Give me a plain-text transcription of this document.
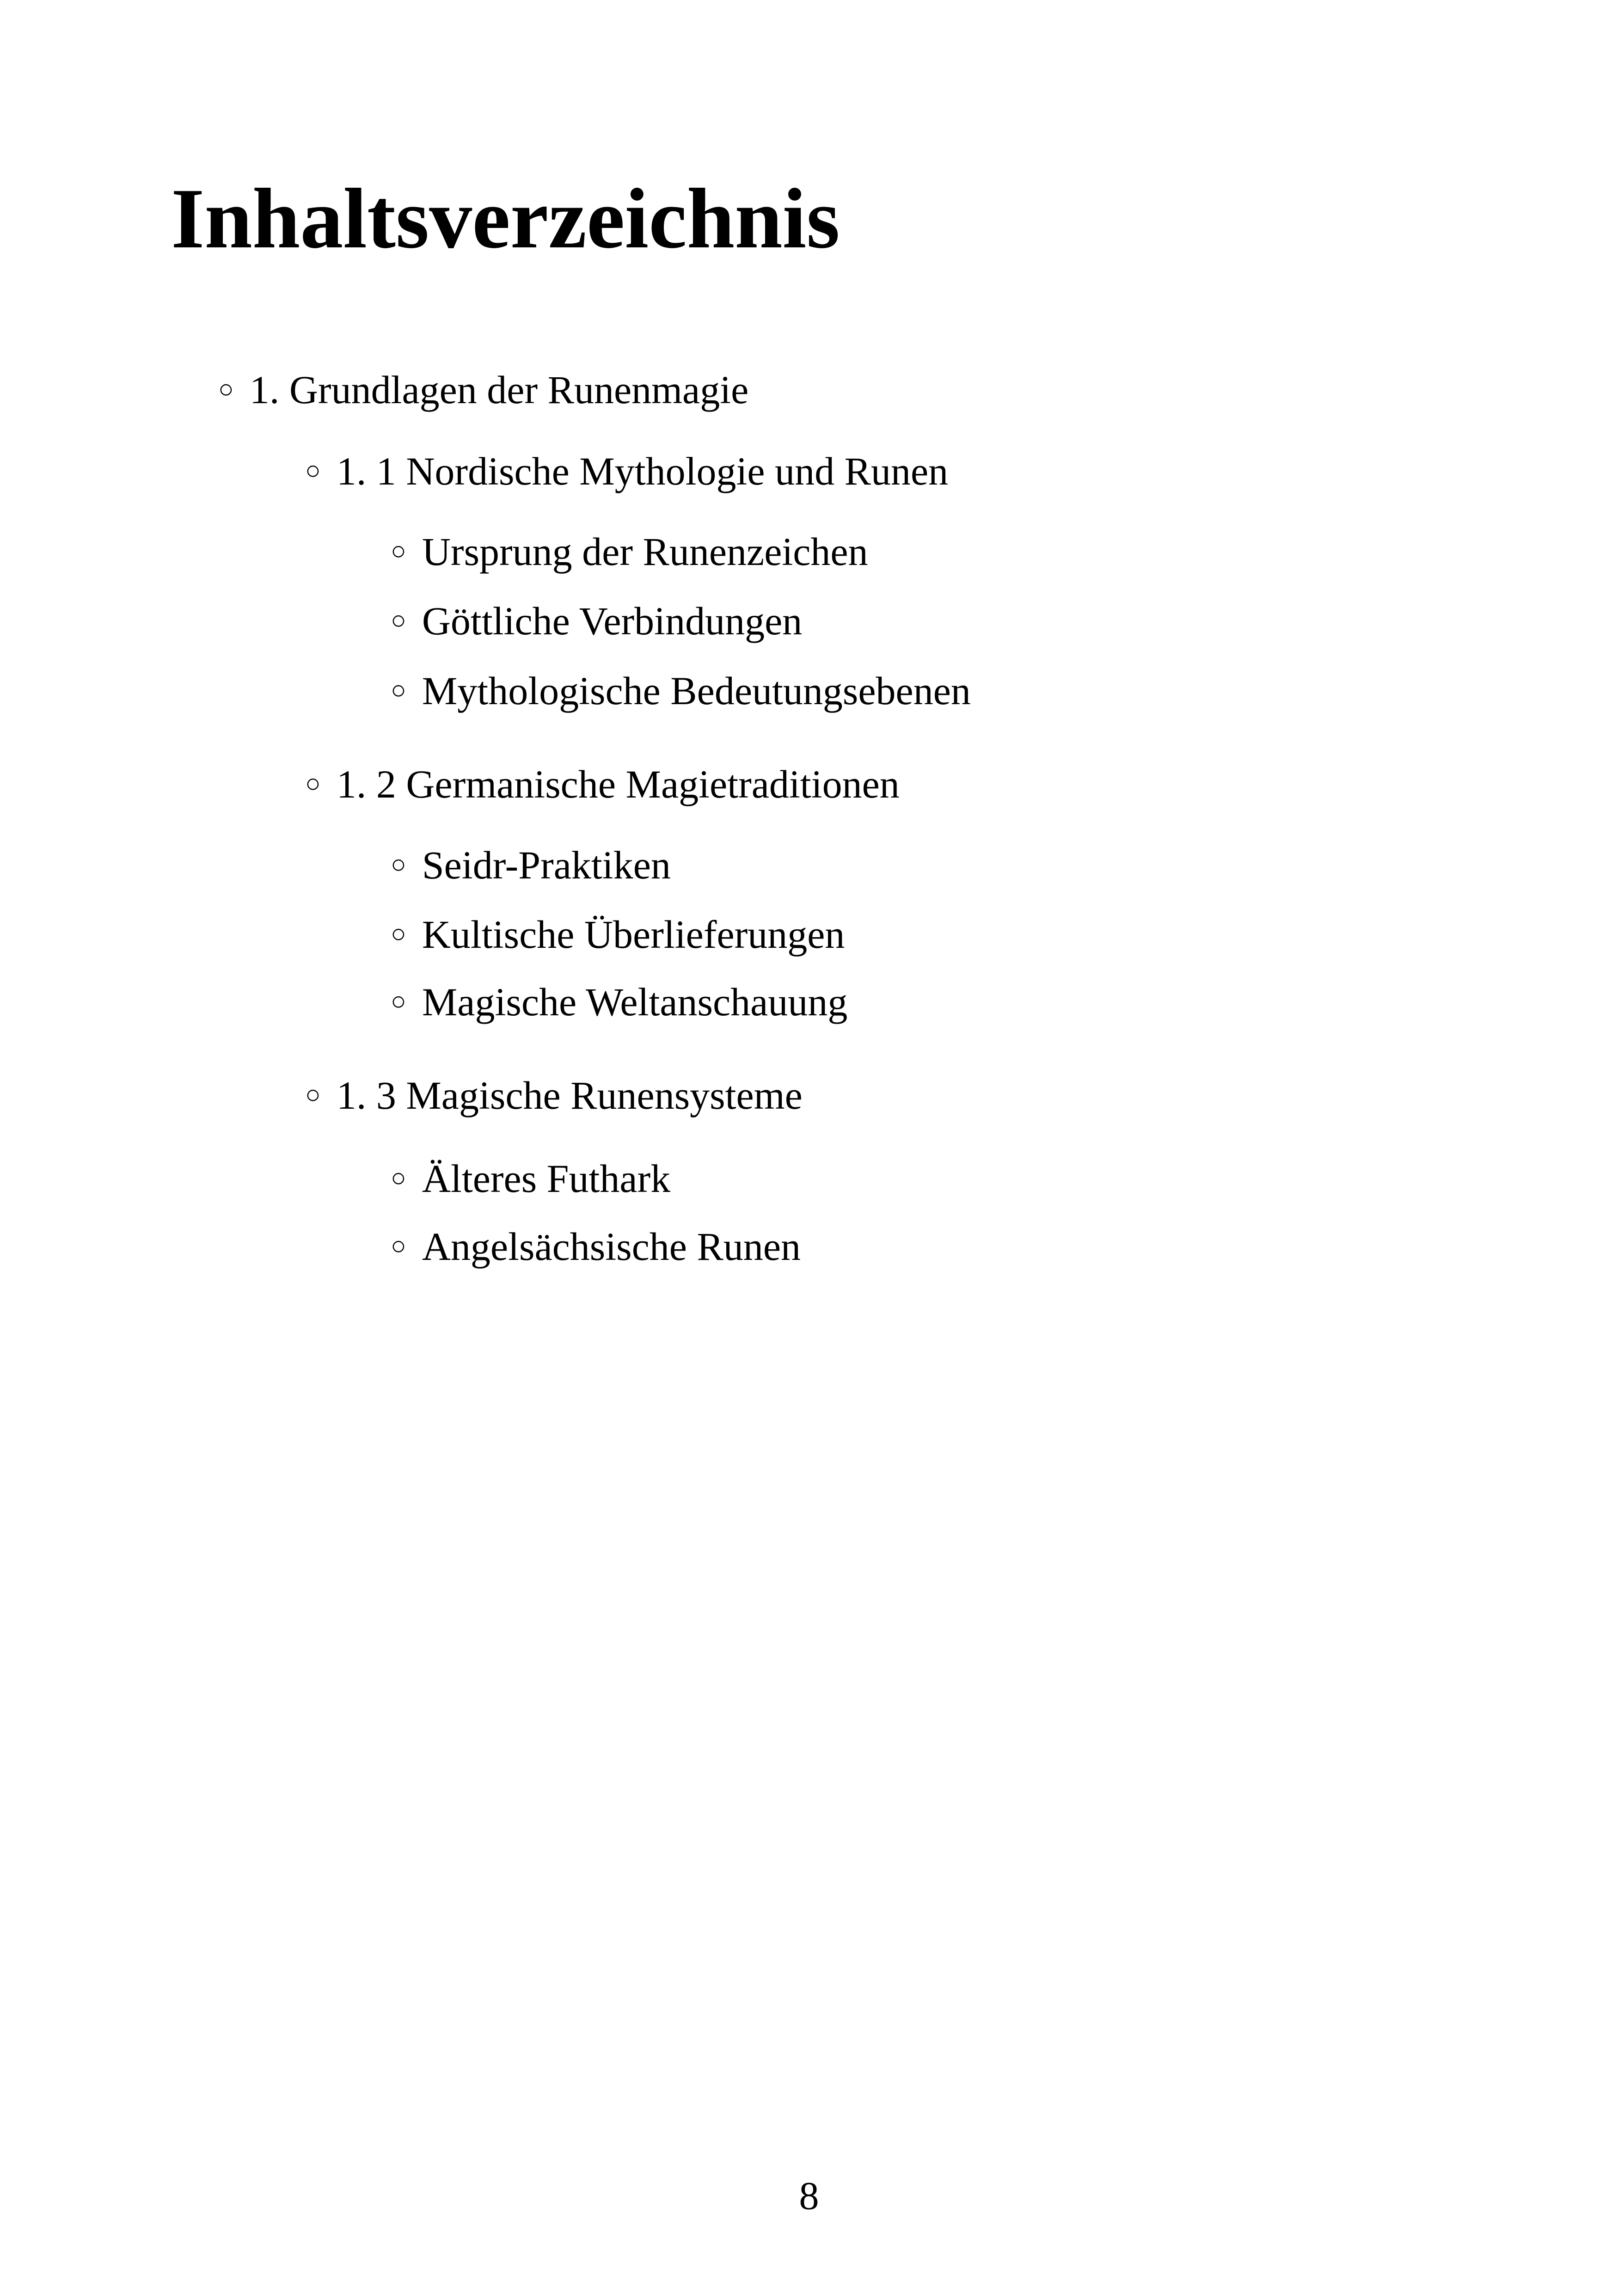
Inhaltsverzeichnis
○ 1. Grundlagen der Runenmagie
○ 1. 1 Nordische Mythologie und Runen
○ Ursprung der Runenzeichen
○ Göttliche Verbindungen
○ Mythologische Bedeutungsebenen
○ 1. 2 Germanische Magietraditionen
○ Seidr-Praktiken
○ Kultische Überlieferungen
○ Magische Weltanschauung
○ 1. 3 Magische Runensysteme
○ Älteres Futhark
○ Angelsächsische Runen
8
